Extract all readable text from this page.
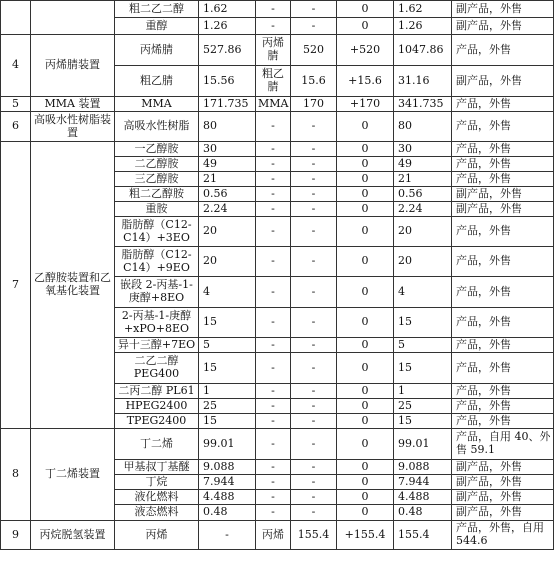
		粗二乙二醇	1.62	-	-	0	1.62	副产品，外售
		重醇	1.26	-	-	0	1.26	副产品，外售
4	丙烯腈装置	丙烯腈	527.86	丙烯腈	520	+520	1047.86	产品，外售
		粗乙腈	15.56	粗乙腈	15.6	+15.6	31.16	副产品，外售
5	MMA 装置	MMA	171.735	MMA	170	+170	341.735	产品，外售
6	高吸水性树脂装置	高吸水性树脂	80	-	-	0	80	产品，外售
7	乙醇胺装置和乙氧基化装置	一乙醇胺	30	-	-	0	30	产品，外售
		二乙醇胺	49	-	-	0	49	产品，外售
		三乙醇胺	21	-	-	0	21	产品，外售
		粗二乙醇胺	0.56	-	-	0	0.56	副产品，外售
		重胺	2.24	-	-	0	2.24	副产品，外售
		脂肪醇（C12-C14）+3EO	20	-	-	0	20	产品，外售
		脂肪醇（C12-C14）+9EO	20	-	-	0	20	产品，外售
		嵌段 2-丙基-1-庚醇+8EO	4	-	-	0	4	产品，外售
		2-丙基-1-庚醇+xPO+8EO	15	-	-	0	15	产品，外售
		异十三醇+7EO	5	-	-	0	5	产品，外售
		二乙二醇 PEG400	15	-	-	0	15	产品，外售
		二丙二醇 PL61	1	-	-	0	1	产品，外售
		HPEG2400	25	-	-	0	25	产品，外售
		TPEG2400	15	-	-	0	15	产品，外售
8	丁二烯装置	丁二烯	99.01	-	-	0	99.01	产品，自用 40、外售 59.1
		甲基叔丁基醚	9.088	-	-	0	9.088	副产品，外售
		丁烷	7.944	-	-	0	7.944	副产品，外售
		液化燃料	4.488	-	-	0	4.488	副产品，外售
		液态燃料	0.48	-	-	0	0.48	副产品，外售
9	丙烷脱氢装置	丙烯	-	丙烯	155.4	+155.4	155.4	产品，外售，自用 544.6
